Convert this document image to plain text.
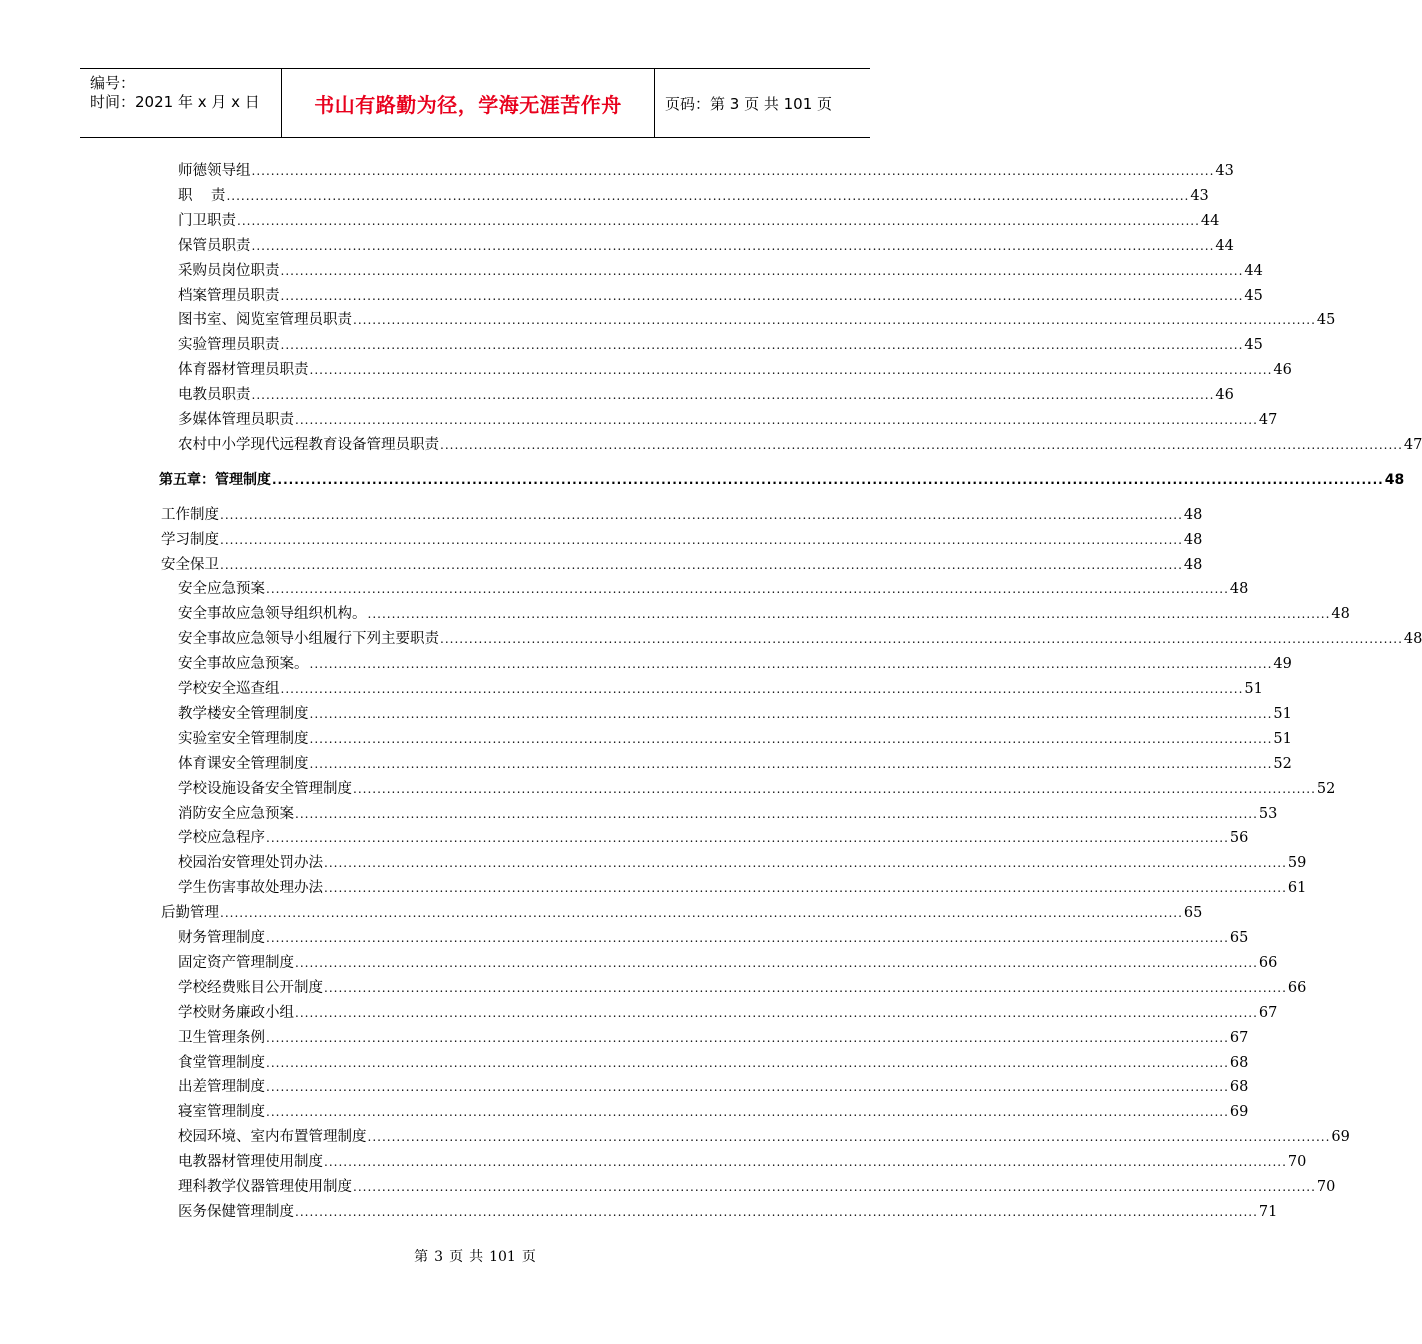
编号：
时间：2021 年 x 月 x 日	书山有路勤为径，学海无涯苦作舟	页码：第 3 页 共 101 页
师德领导组 ........................................................................................................................................................................................................ 43
职    责 ........................................................................................................................................................................................................ 43
门卫职责 ........................................................................................................................................................................................................ 44
保管员职责 ........................................................................................................................................................................................................ 44
采购员岗位职责 ........................................................................................................................................................................................................ 44
档案管理员职责 ........................................................................................................................................................................................................ 45
图书室、阅览室管理员职责 ........................................................................................................................................................................................................ 45
实验管理员职责 ........................................................................................................................................................................................................ 45
体育器材管理员职责 ........................................................................................................................................................................................................ 46
电教员职责 ........................................................................................................................................................................................................ 46
多媒体管理员职责 ........................................................................................................................................................................................................ 47
农村中小学现代远程教育设备管理员职责 ........................................................................................................................................................................................................ 47
第五章：管理制度 ........................................................................................................................................................................................................ 48
工作制度 ........................................................................................................................................................................................................ 48
学习制度 ........................................................................................................................................................................................................ 48
安全保卫 ........................................................................................................................................................................................................ 48
安全应急预案 ........................................................................................................................................................................................................ 48
安全事故应急领导组织机构。 ........................................................................................................................................................................................................ 48
安全事故应急领导小组履行下列主要职责 ........................................................................................................................................................................................................ 48
安全事故应急预案。 ........................................................................................................................................................................................................ 49
学校安全巡查组 ........................................................................................................................................................................................................ 51
教学楼安全管理制度 ........................................................................................................................................................................................................ 51
实验室安全管理制度 ........................................................................................................................................................................................................ 51
体育课安全管理制度 ........................................................................................................................................................................................................ 52
学校设施设备安全管理制度 ........................................................................................................................................................................................................ 52
消防安全应急预案 ........................................................................................................................................................................................................ 53
学校应急程序 ........................................................................................................................................................................................................ 56
校园治安管理处罚办法 ........................................................................................................................................................................................................ 59
学生伤害事故处理办法 ........................................................................................................................................................................................................ 61
后勤管理 ........................................................................................................................................................................................................ 65
财务管理制度 ........................................................................................................................................................................................................ 65
固定资产管理制度 ........................................................................................................................................................................................................ 66
学校经费账目公开制度 ........................................................................................................................................................................................................ 66
学校财务廉政小组 ........................................................................................................................................................................................................ 67
卫生管理条例 ........................................................................................................................................................................................................ 67
食堂管理制度 ........................................................................................................................................................................................................ 68
出差管理制度 ........................................................................................................................................................................................................ 68
寝室管理制度 ........................................................................................................................................................................................................ 69
校园环境、室内布置管理制度 ........................................................................................................................................................................................................ 69
电教器材管理使用制度 ........................................................................................................................................................................................................ 70
理科教学仪器管理使用制度 ........................................................................................................................................................................................................ 70
医务保健管理制度 ........................................................................................................................................................................................................ 71
第 3 页 共 101 页
